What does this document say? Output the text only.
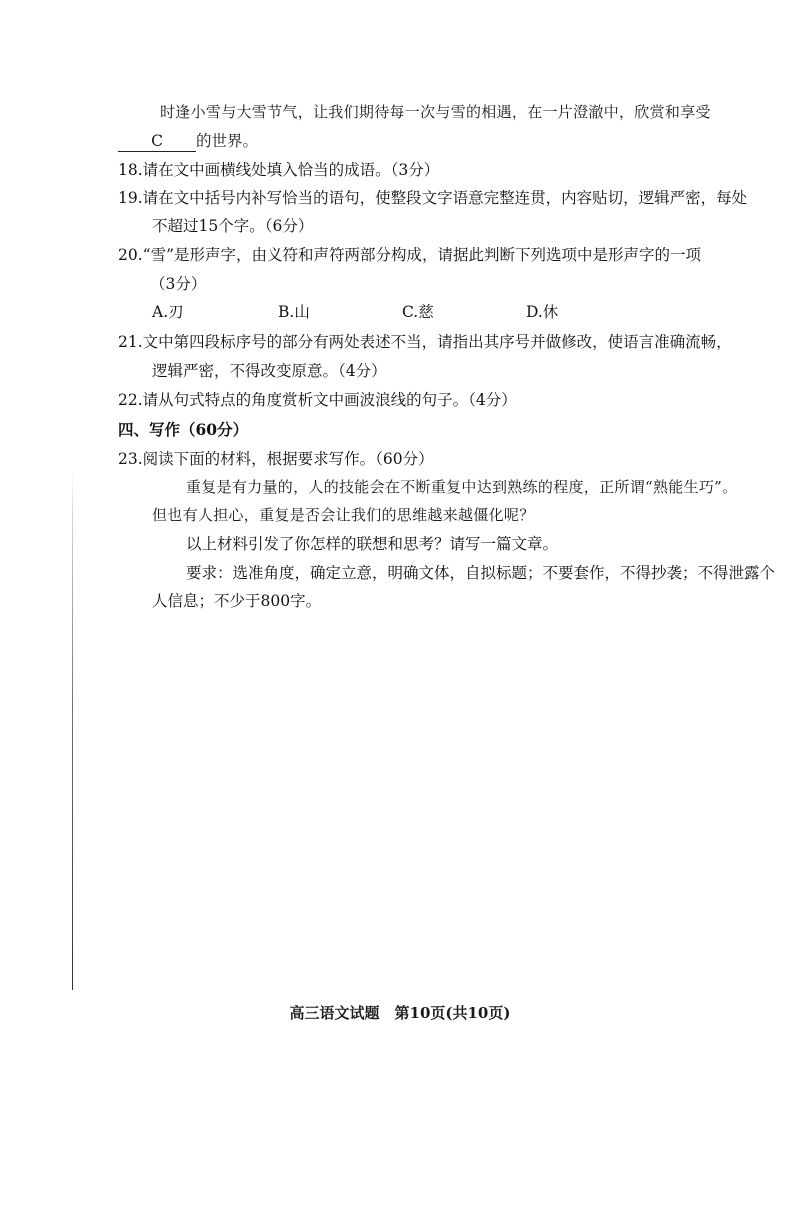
时逢小雪与大雪节气，让我们期待每一次与雪的相遇，在一片澄澈中，欣赏和享受
C 的世界。
18.请在文中画横线处填入恰当的成语。（3分）
19.请在文中括号内补写恰当的语句，使整段文字语意完整连贯，内容贴切，逻辑严密，每处
不超过15个字。（6分）
20.“雪”是形声字，由义符和声符两部分构成，请据此判断下列选项中是形声字的一项
（3分）
A.刃	B.山	C.慈	D.休
21.文中第四段标序号的部分有两处表述不当，请指出其序号并做修改，使语言准确流畅，
逻辑严密，不得改变原意。（4分）
22.请从句式特点的角度赏析文中画波浪线的句子。（4分）
四、写作（60分）
23.阅读下面的材料，根据要求写作。（60分）
重复是有力量的，人的技能会在不断重复中达到熟练的程度，正所谓“熟能生巧”。
但也有人担心，重复是否会让我们的思维越来越僵化呢？
以上材料引发了你怎样的联想和思考？请写一篇文章。
要求：选准角度，确定立意，明确文体，自拟标题；不要套作，不得抄袭；不得泄露个
人信息；不少于800字。
高三语文试题　第10页(共10页)
